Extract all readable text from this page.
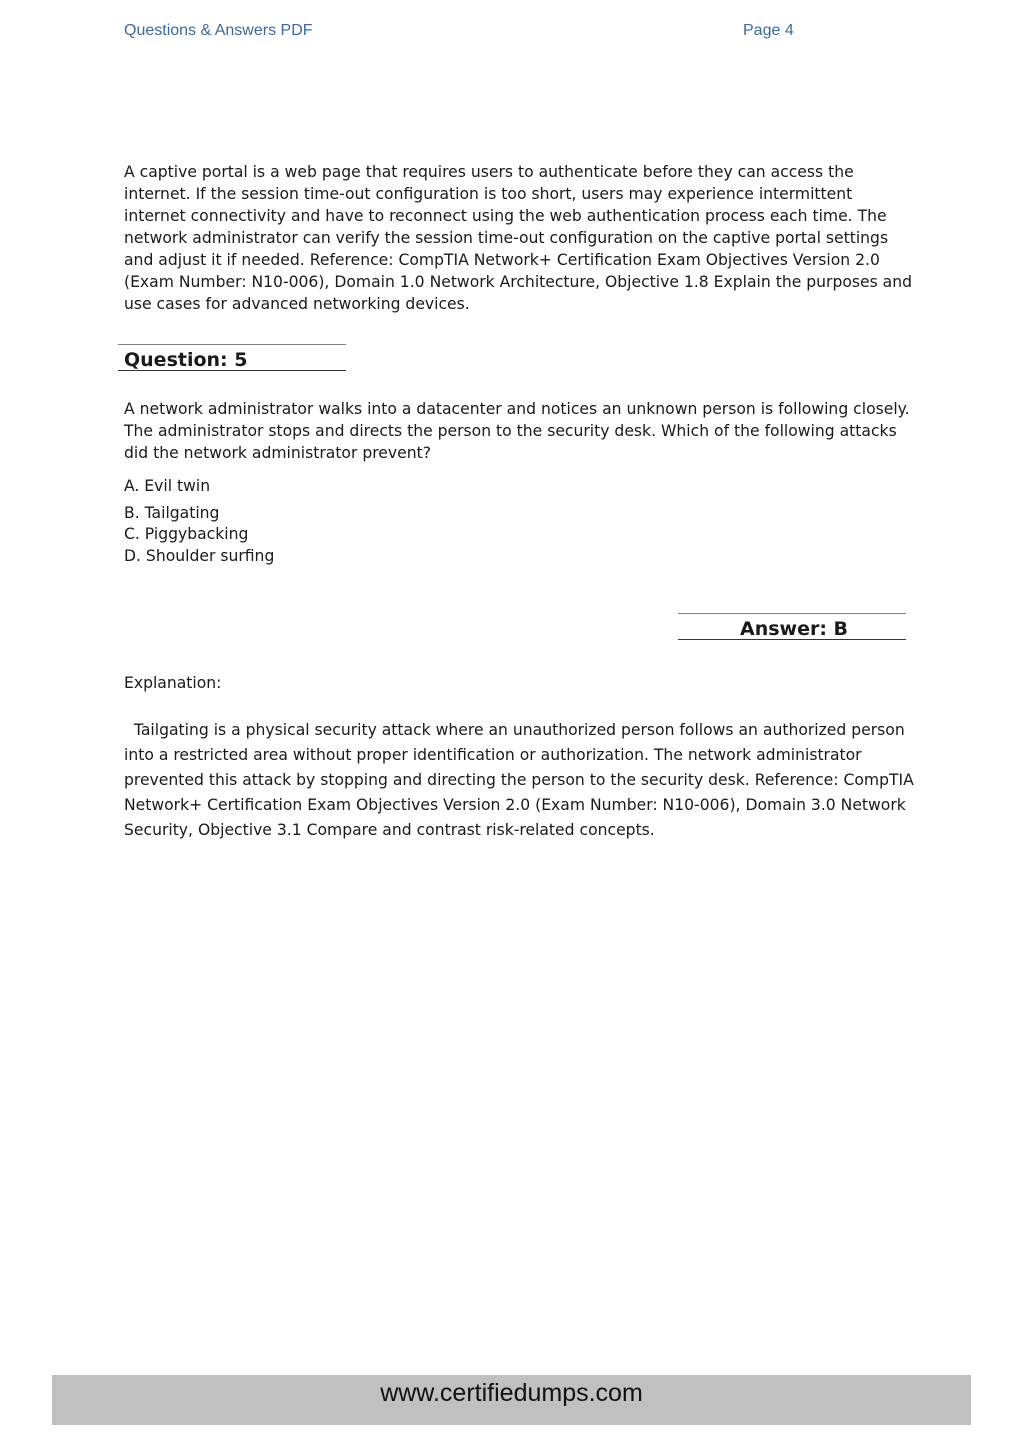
Questions & Answers PDF	Page 4

A captive portal is a web page that requires users to authenticate before they can access the internet. If the session time-out configuration is too short, users may experience intermittent internet connectivity and have to reconnect using the web authentication process each time. The network administrator can verify the session time-out configuration on the captive portal settings and adjust it if needed. Reference: CompTIA Network+ Certification Exam Objectives Version 2.0 (Exam Number: N10-006), Domain 1.0 Network Architecture, Objective 1.8 Explain the purposes and use cases for advanced networking devices.

Question: 5

A network administrator walks into a datacenter and notices an unknown person is following closely. The administrator stops and directs the person to the security desk. Which of the following attacks did the network administrator prevent?

A. Evil twin
B. Tailgating
C. Piggybacking
D. Shoulder surfing
Answer: B

Explanation:

Tailgating is a physical security attack where an unauthorized person follows an authorized person into a restricted area without proper identification or authorization. The network administrator prevented this attack by stopping and directing the person to the security desk. Reference: CompTIA Network+ Certification Exam Objectives Version 2.0 (Exam Number: N10-006), Domain 3.0 Network Security, Objective 3.1 Compare and contrast risk-related concepts.

www.certifiedumps.com
